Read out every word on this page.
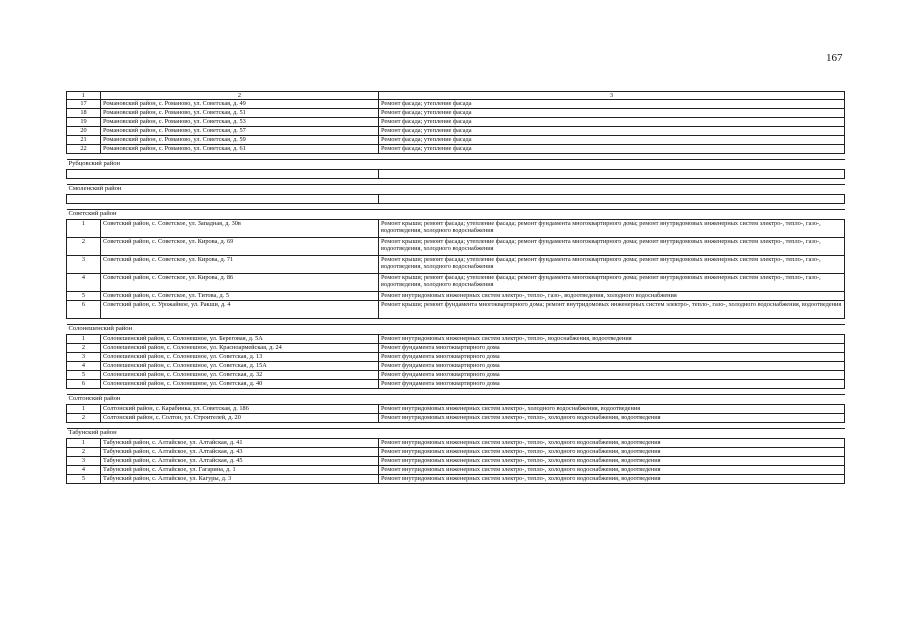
167
1	2	3
17	Романовский район, с. Романово, ул. Советская, д. 49	Ремонт фасада; утепление фасада
18	Романовский район, с. Романово, ул. Советская, д. 51	Ремонт фасада; утепление фасада
19	Романовский район, с. Романово, ул. Советская, д. 53	Ремонт фасада; утепление фасада
20	Романовский район, с. Романово, ул. Советская, д. 57	Ремонт фасада; утепление фасада
21	Романовский район, с. Романово, ул. Советская, д. 59	Ремонт фасада; утепление фасада
22	Романовский район, с. Романово, ул. Советская, д. 61	Ремонт фасада; утепление фасада

Рубцовский район		

Смоленский район		

Советский район		
1	Советский район, с. Советское, ул. Западная, д. 30в	Ремонт крыши; ремонт фасада; утепление фасада; ремонт фундамента многоквартирного дома; ремонт внутридомовых инженерных систем электро-, тепло-, газо-, водоотведения, холодного водоснабжения
2	Советский район, с. Советское, ул. Кирова, д. 69	Ремонт крыши; ремонт фасада; утепление фасада; ремонт фундамента многоквартирного дома; ремонт внутридомовых инженерных систем электро-, тепло-, газо-, водоотведения, холодного водоснабжения
3	Советский район, с. Советское, ул. Кирова, д. 71	Ремонт крыши; ремонт фасада; утепление фасада; ремонт фундамента многоквартирного дома; ремонт внутридомовых инженерных систем электро-, тепло-, газо-, водоотведения, холодного водоснабжения
4	Советский район, с. Советское, ул. Кирова, д. 86	Ремонт крыши; ремонт фасада; утепление фасада; ремонт фундамента многоквартирного дома; ремонт внутридомовых инженерных систем электро-, тепло-, газо-, водоотведения, холодного водоснабжения
5	Советский район, с. Советское, ул. Титова, д. 5	Ремонт внутридомовых инженерных систем электро-, тепло-, газо-, водоотведения, холодного водоснабжения
6	Советский район, с. Урожайное, ул. Ракши, д. 4	Ремонт крыши; ремонт фундамента многоквартирного дома; ремонт внутридомовых инженерных систем электро-, тепло-, газо-, холодного водоснабжения, водоотведения

Солонешенский район		
1	Солонешенский район, с. Солонешное, ул. Береговая, д. 5А	Ремонт внутридомовых инженерных систем электро-, тепло-, водоснабжения, водоотведения
2	Солонешенский район, с. Солонешное, ул. Красноармейская, д. 24	Ремонт фундамента многоквартирного дома
3	Солонешенский район, с. Солонешное, ул. Советская, д. 13	Ремонт фундамента многоквартирного дома
4	Солонешенский район, с. Солонешное, ул. Советская, д. 15А	Ремонт фундамента многоквартирного дома
5	Солонешенский район, с. Солонешное, ул. Советская, д. 32	Ремонт фундамента многоквартирного дома
6	Солонешенский район, с. Солонешное, ул. Советская, д. 40	Ремонт фундамента многоквартирного дома

Солтонский район		
1	Солтонский район, с. Карабинка, ул. Советская, д. 186	Ремонт внутридомовых инженерных систем электро-, холодного водоснабжения, водоотведения
2	Солтонский район, с. Солтон, ул. Строителей, д. 20	Ремонт внутридомовых инженерных систем электро-, тепло-, холодного водоснабжения, водоотведения

Табунский район		
1	Табунский район, с. Алтайское, ул. Алтайская, д. 41	Ремонт внутридомовых инженерных систем электро-, тепло-, холодного водоснабжения, водоотведения
2	Табунский район, с. Алтайское, ул. Алтайская, д. 43	Ремонт внутридомовых инженерных систем электро-, тепло-, холодного водоснабжения, водоотведения
3	Табунский район, с. Алтайское, ул. Алтайская, д. 45	Ремонт внутридомовых инженерных систем электро-, тепло-, холодного водоснабжения, водоотведения
4	Табунский район, с. Алтайское, ул. Гагарина, д. 1	Ремонт внутридомовых инженерных систем электро-, тепло-, холодного водоснабжения, водоотведения
5	Табунский район, с. Алтайское, ул. Кагуры, д. 3	Ремонт внутридомовых инженерных систем электро-, тепло-, холодного водоснабжения, водоотведения
